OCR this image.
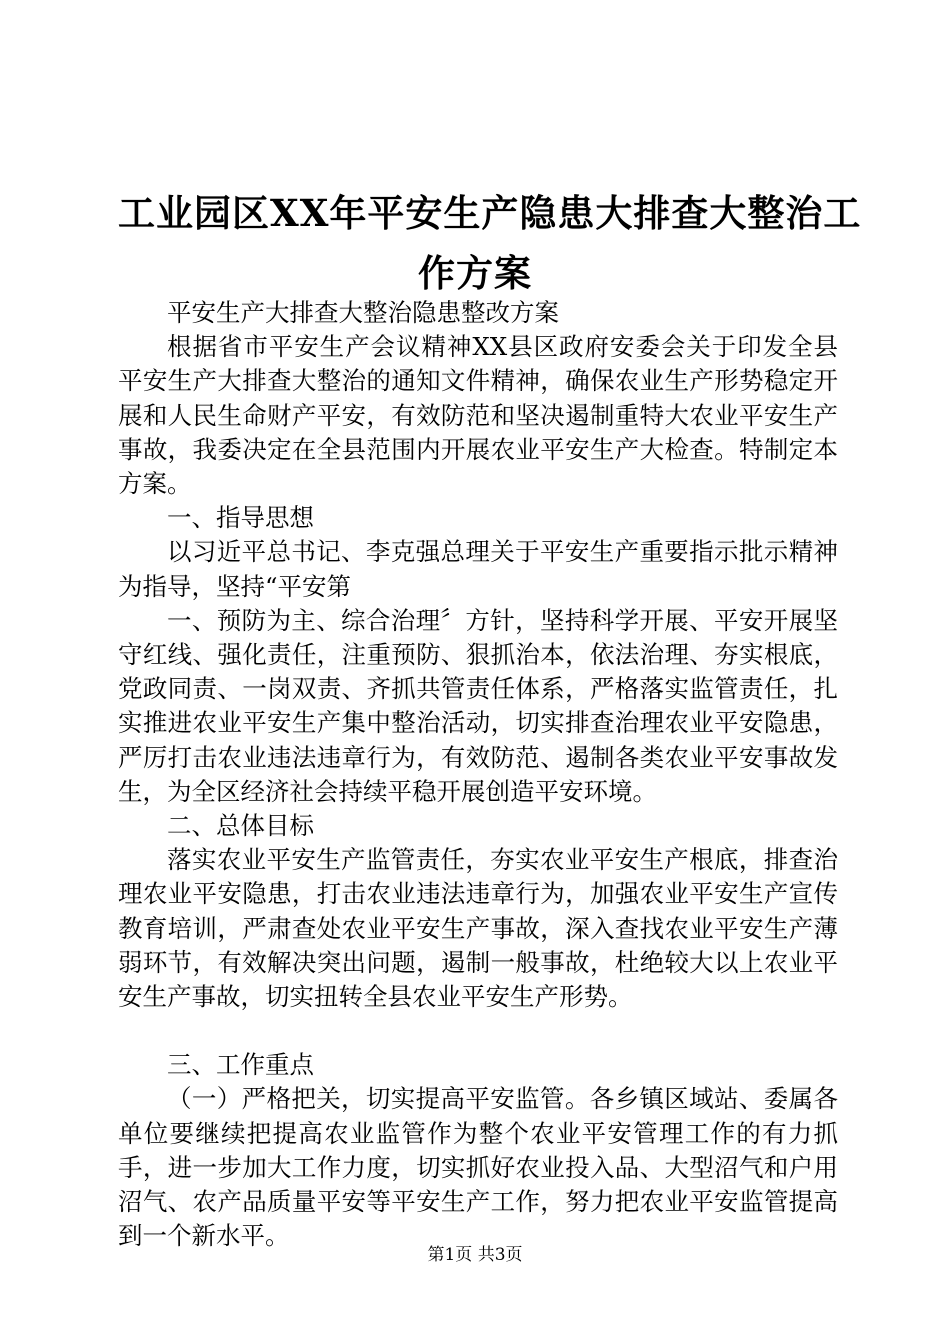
工业园区XX年平安生产隐患大排查大整治工
作方案

平安生产大排查大整治隐患整改方案

根据省市平安生产会议精神XX县区政府安委会关于印发全县平安生产大排查大整治的通知文件精神，确保农业生产形势稳定开展和人民生命财产平安，有效防范和坚决遏制重特大农业平安生产事故，我委决定在全县范围内开展农业平安生产大检查。特制定本方案。

一、指导思想

以习近平总书记、李克强总理关于平安生产重要指示批示精神为指导，坚持“平安第

一、预防为主、综合治理〞方针，坚持科学开展、平安开展坚守红线、强化责任，注重预防、狠抓治本，依法治理、夯实根底，党政同责、一岗双责、齐抓共管责任体系，严格落实监管责任，扎实推进农业平安生产集中整治活动，切实排查治理农业平安隐患，严厉打击农业违法违章行为，有效防范、遏制各类农业平安事故发生，为全区经济社会持续平稳开展创造平安环境。

二、总体目标

落实农业平安生产监管责任，夯实农业平安生产根底，排查治理农业平安隐患，打击农业违法违章行为，加强农业平安生产宣传教育培训，严肃查处农业平安生产事故，深入查找农业平安生产薄弱环节，有效解决突出问题，遏制一般事故，杜绝较大以上农业平安生产事故，切实扭转全县农业平安生产形势。

三、工作重点

（一）严格把关，切实提高平安监管。各乡镇区域站、委属各单位要继续把提高农业监管作为整个农业平安管理工作的有力抓手，进一步加大工作力度，切实抓好农业投入品、大型沼气和户用沼气、农产品质量平安等平安生产工作，努力把农业平安监管提高到一个新水平。

第1页 共3页
